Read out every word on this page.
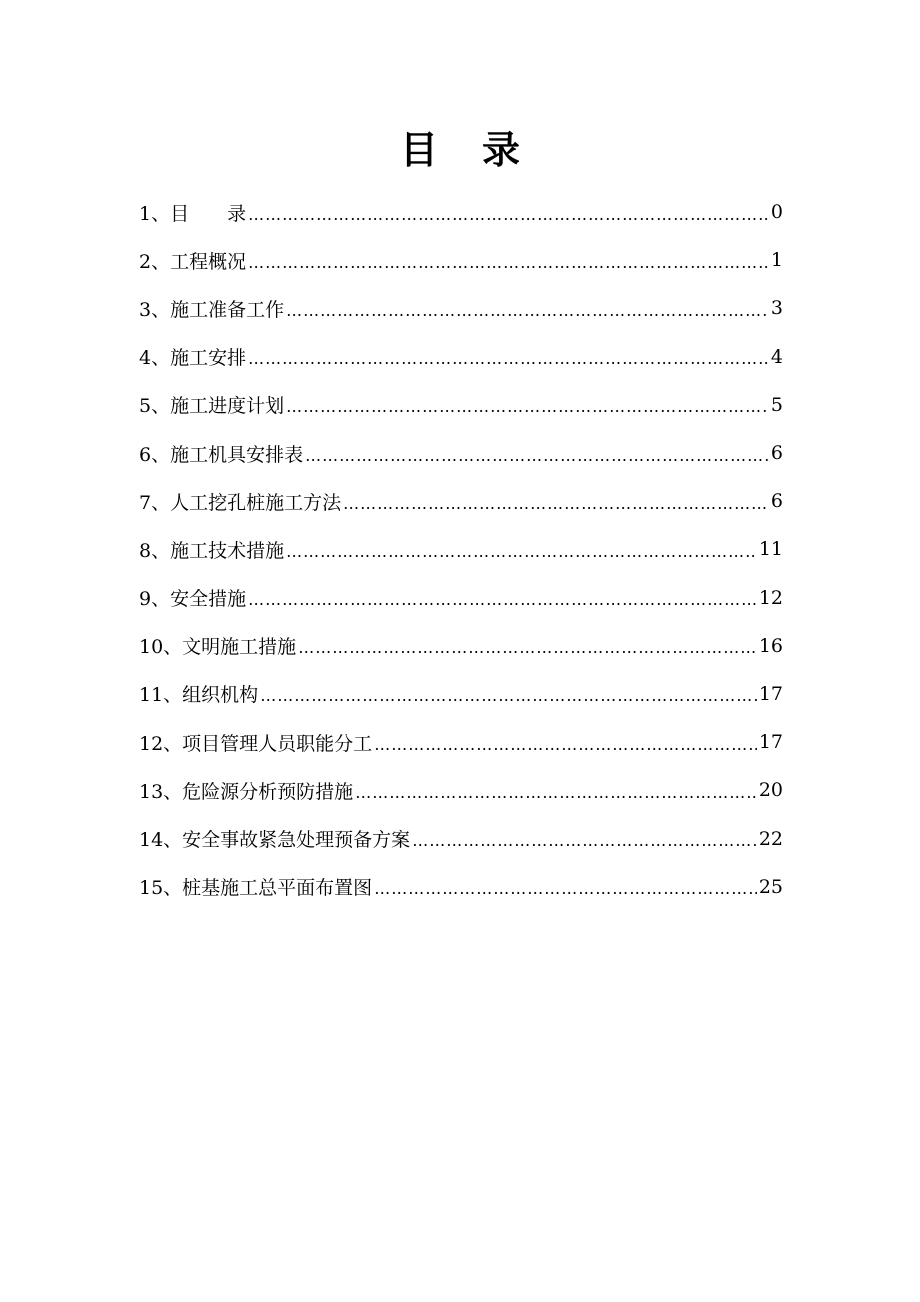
目 录
1、目　　录 …………………………………………………………………………………………………………………………………………	0
2、工程概况 …………………………………………………………………………………………………………………………………………	1
3、施工准备工作 …………………………………………………………………………………………………………………………………………	3
4、施工安排 …………………………………………………………………………………………………………………………………………	4
5、施工进度计划 …………………………………………………………………………………………………………………………………………	5
6、施工机具安排表 …………………………………………………………………………………………………………………………………………	6
7、人工挖孔桩施工方法 …………………………………………………………………………………………………………………………………………	6
8、施工技术措施 …………………………………………………………………………………………………………………………………………	11
9、安全措施 …………………………………………………………………………………………………………………………………………	12
10、文明施工措施 …………………………………………………………………………………………………………………………………………	16
11、组织机构 …………………………………………………………………………………………………………………………………………	17
12、项目管理人员职能分工 …………………………………………………………………………………………………………………………………………	17
13、危险源分析预防措施 …………………………………………………………………………………………………………………………………………	20
14、安全事故紧急处理预备方案 …………………………………………………………………………………………………………………………………………	22
15、桩基施工总平面布置图 …………………………………………………………………………………………………………………………………………	25
